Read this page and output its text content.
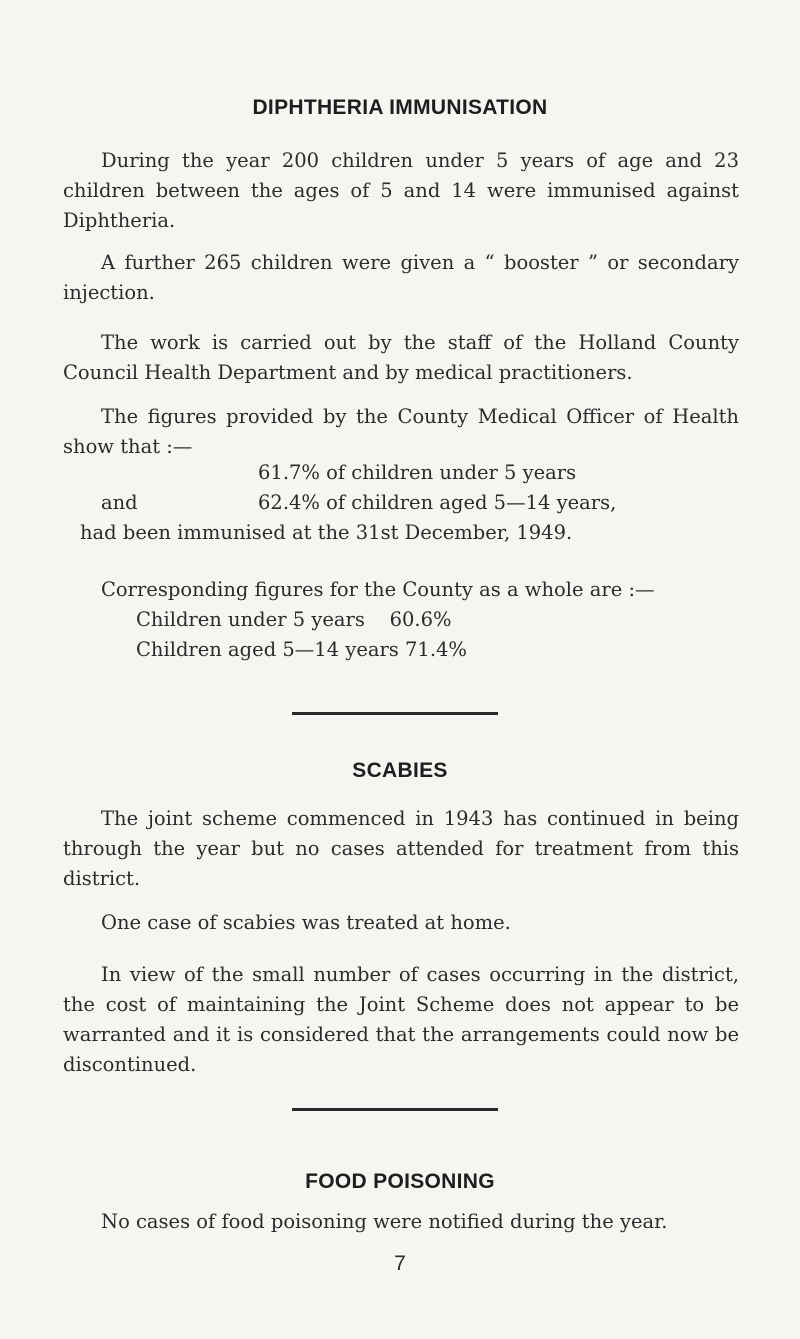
DIPHTHERIA IMMUNISATION
During the year 200 children under 5 years of age and 23 children between the ages of 5 and 14 were immunised against Diphtheria.
A further 265 children were given a “ booster ” or secondary injection.
The work is carried out by the staff of the Holland County Council Health Department and by medical practitioners.
The figures provided by the County Medical Officer of Health show that :—
61.7% of children under 5 years
and	62.4% of children aged 5—14 years,
had been immunised at the 31st December, 1949.
Corresponding figures for the County as a whole are :—
Children under 5 years    60.6%
Children aged 5—14 years 71.4%
SCABIES
The joint scheme commenced in 1943 has continued in being through the year but no cases attended for treatment from this district.
One case of scabies was treated at home.
In view of the small number of cases occurring in the district, the cost of maintaining the Joint Scheme does not appear to be warranted and it is considered that the arrangements could now be discontinued.
FOOD POISONING
No cases of food poisoning were notified during the year.
7
